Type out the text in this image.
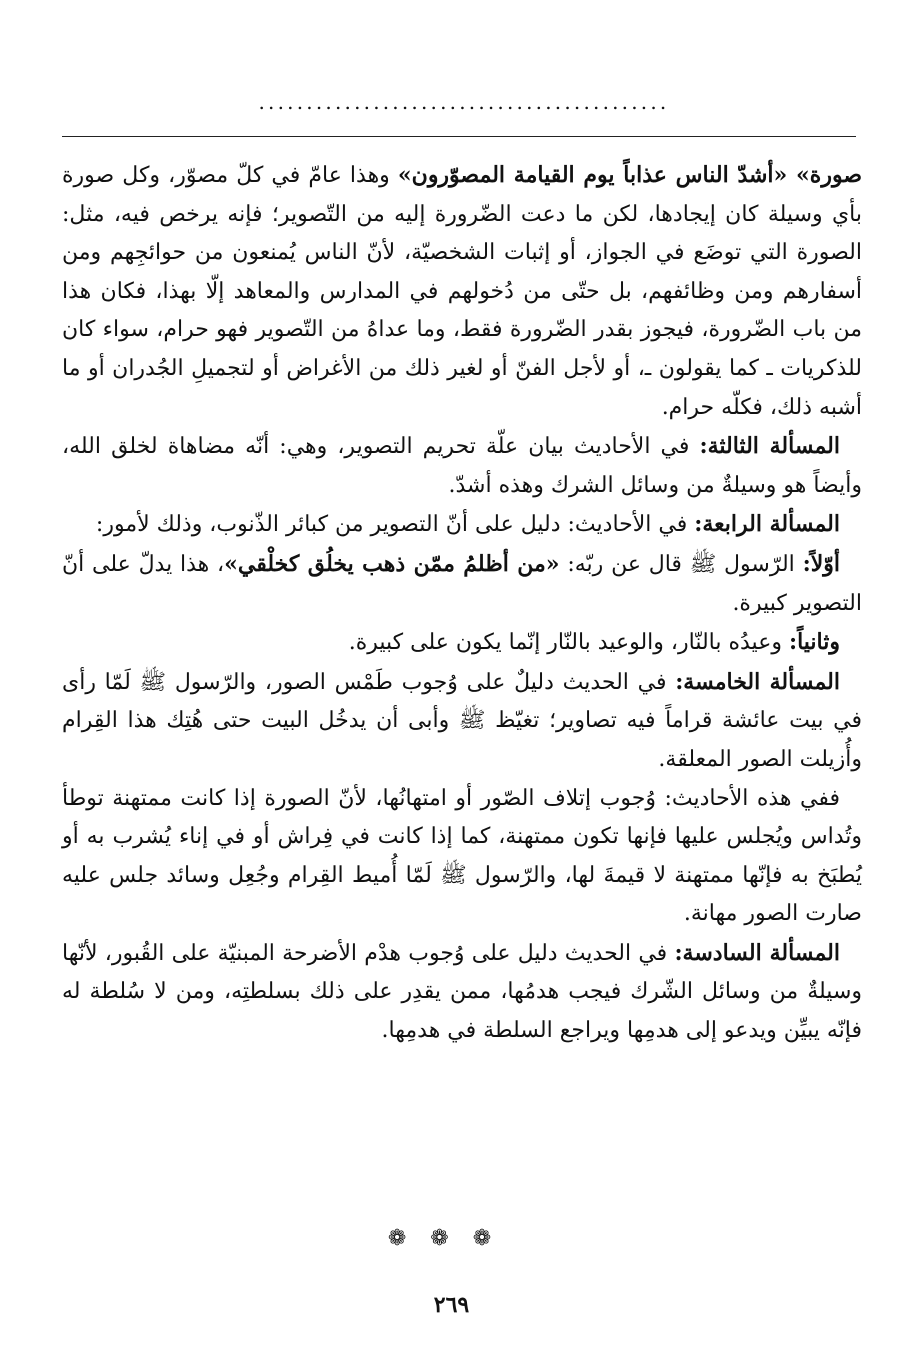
...........................................

صورة» «أشدّ الناس عذاباً يوم القيامة المصوّرون» وهذا عامّ في كلّ مصوّر، وكل صورة بأي وسيلة كان إيجادها، لكن ما دعت الضّرورة إليه من التّصوير؛ فإنه يرخص فيه، مثل: الصورة التي توضَع في الجواز، أو إثبات الشخصيّة، لأنّ الناس يُمنعون من حوائجِهم ومن أسفارهم ومن وظائفهم، بل حتّى من دُخولهم في المدارس والمعاهد إلّا بهذا، فكان هذا من باب الضّرورة، فيجوز بقدر الضّرورة فقط، وما عداهُ من التّصوير فهو حرام، سواء كان للذكريات ـ كما يقولون ـ، أو لأجل الفنّ أو لغير ذلك من الأغراض أو لتجميلِ الجُدران أو ما أشبه ذلك، فكلّه حرام.

المسألة الثالثة: في الأحاديث بيان علّة تحريم التصوير، وهي: أنّه مضاهاة لخلق الله، وأيضاً هو وسيلةٌ من وسائل الشرك وهذه أشدّ.

المسألة الرابعة: في الأحاديث: دليل على أنّ التصوير من كبائر الذّنوب، وذلك لأمور:

أوّلاً: الرّسول ﷺ قال عن ربّه: «من أظلمُ ممّن ذهب يخلُق كخلْقي»، هذا يدلّ على أنّ التصوير كبيرة.

وثانياً: وعيدُه بالنّار، والوعيد بالنّار إنّما يكون على كبيرة.

المسألة الخامسة: في الحديث دليلٌ على وُجوب طَمْس الصور، والرّسول ﷺ لَمّا رأى في بيت عائشة قراماً فيه تصاوير؛ تغيّظ ﷺ وأبى أن يدخُل البيت حتى هُتِك هذا القِرام وأُزيلت الصور المعلقة.

ففي هذه الأحاديث: وُجوب إتلاف الصّور أو امتهانُها، لأنّ الصورة إذا كانت ممتهنة توطأ وتُداس ويُجلس عليها فإنها تكون ممتهنة، كما إذا كانت في فِراش أو في إناء يُشرب به أو يُطبَخ به فإنّها ممتهنة لا قيمةَ لها، والرّسول ﷺ لَمّا أُميط القِرام وجُعِل وسائد جلس عليه صارت الصور مهانة.

المسألة السادسة: في الحديث دليل على وُجوب هدْم الأضرحة المبنيّة على القُبور، لأنّها وسيلةٌ من وسائل الشّرك فيجب هدمُها، ممن يقدِر على ذلك بسلطتِه، ومن لا سُلطة له فإنّه يبيِّن ويدعو إلى هدمِها ويراجع السلطة في هدمِها.

❁❁❁
٢٦٩
